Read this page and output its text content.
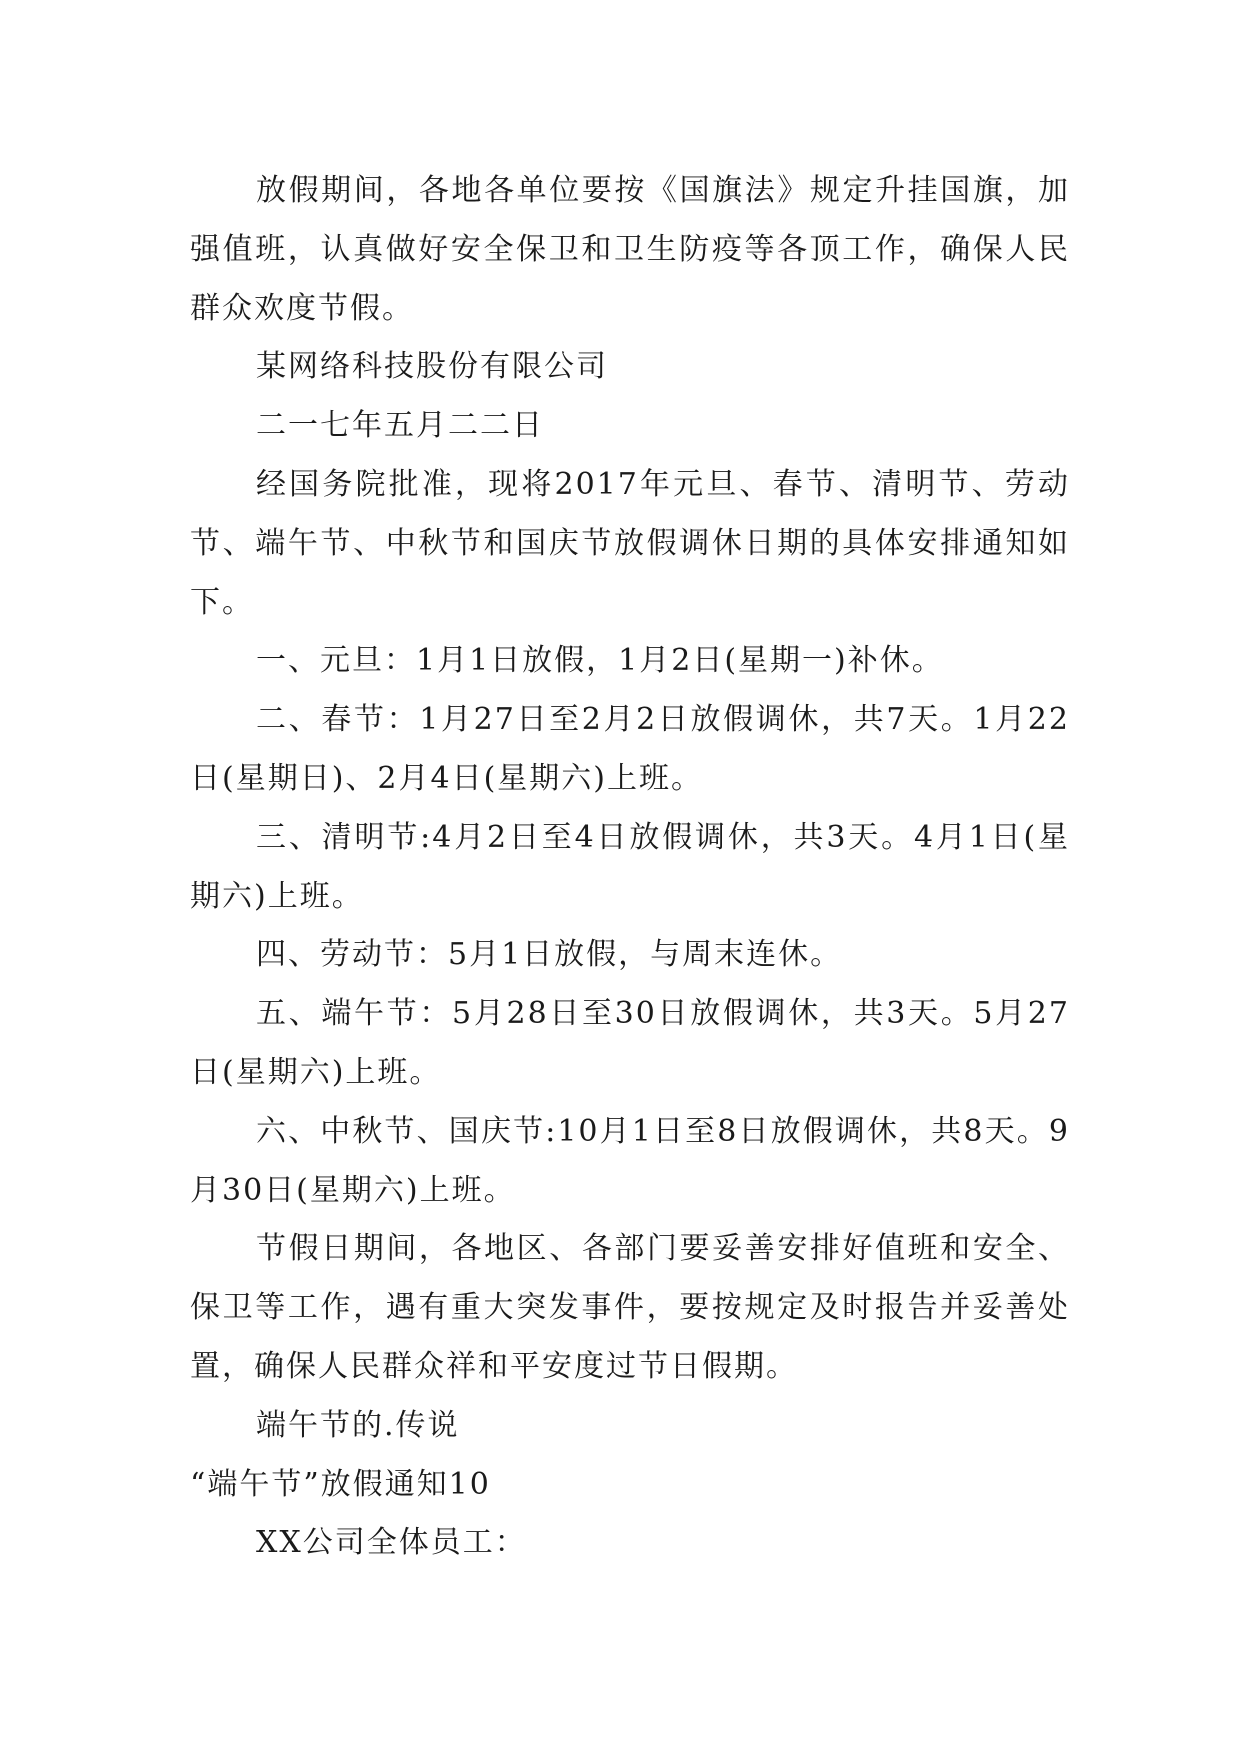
放假期间，各地各单位要按《国旗法》规定升挂国旗，加强值班，认真做好安全保卫和卫生防疫等各顶工作，确保人民群众欢度节假。

某网络科技股份有限公司

二一七年五月二二日

经国务院批准，现将2017年元旦、春节、清明节、劳动节、端午节、中秋节和国庆节放假调休日期的具体安排通知如下。

一、元旦：1月1日放假，1月2日(星期一)补休。

二、春节：1月27日至2月2日放假调休，共7天。1月22日(星期日)、2月4日(星期六)上班。

三、清明节:4月2日至4日放假调休，共3天。4月1日(星期六)上班。

四、劳动节：5月1日放假，与周末连休。

五、端午节：5月28日至30日放假调休，共3天。5月27日(星期六)上班。

六、中秋节、国庆节:10月1日至8日放假调休，共8天。9月30日(星期六)上班。

节假日期间，各地区、各部门要妥善安排好值班和安全、保卫等工作，遇有重大突发事件，要按规定及时报告并妥善处置，确保人民群众祥和平安度过节日假期。

端午节的.传说

“端午节”放假通知10

XX公司全体员工：
